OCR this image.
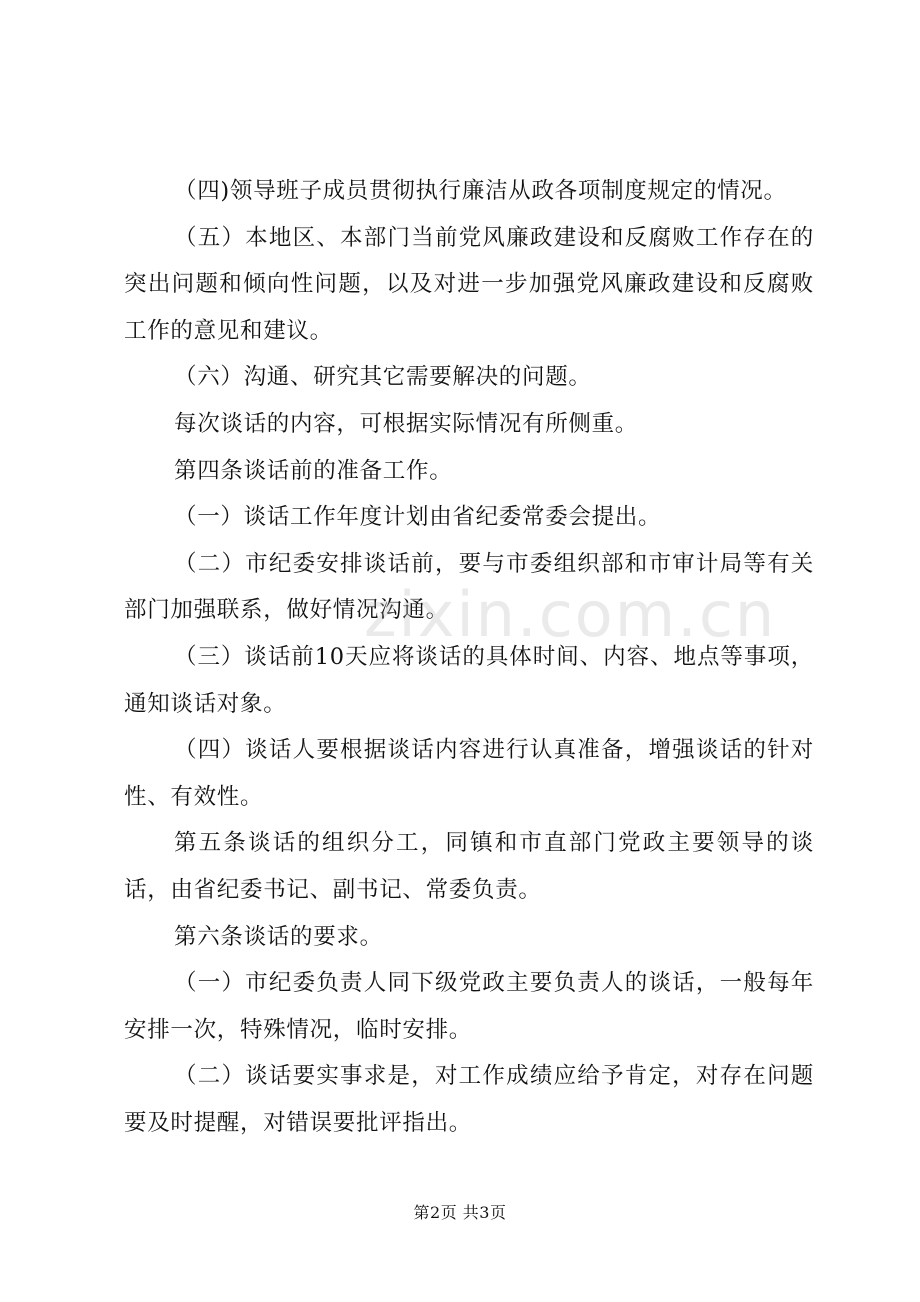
（四)领导班子成员贯彻执行廉洁从政各项制度规定的情况。

（五）本地区、本部门当前党风廉政建设和反腐败工作存在的突出问题和倾向性问题，以及对进一步加强党风廉政建设和反腐败工作的意见和建议。

（六）沟通、研究其它需要解决的问题。

每次谈话的内容，可根据实际情况有所侧重。

第四条谈话前的准备工作。

（一）谈话工作年度计划由省纪委常委会提出。

（二）市纪委安排谈话前，要与市委组织部和市审计局等有关部门加强联系，做好情况沟通。

（三）谈话前10天应将谈话的具体时间、内容、地点等事项，通知谈话对象。

（四）谈话人要根据谈话内容进行认真准备，增强谈话的针对性、有效性。

第五条谈话的组织分工，同镇和市直部门党政主要领导的谈话，由省纪委书记、副书记、常委负责。

第六条谈话的要求。

（一）市纪委负责人同下级党政主要负责人的谈话，一般每年安排一次，特殊情况，临时安排。

（二）谈话要实事求是，对工作成绩应给予肯定，对存在问题要及时提醒，对错误要批评指出。

zixin.com.cn
第2页 共3页
